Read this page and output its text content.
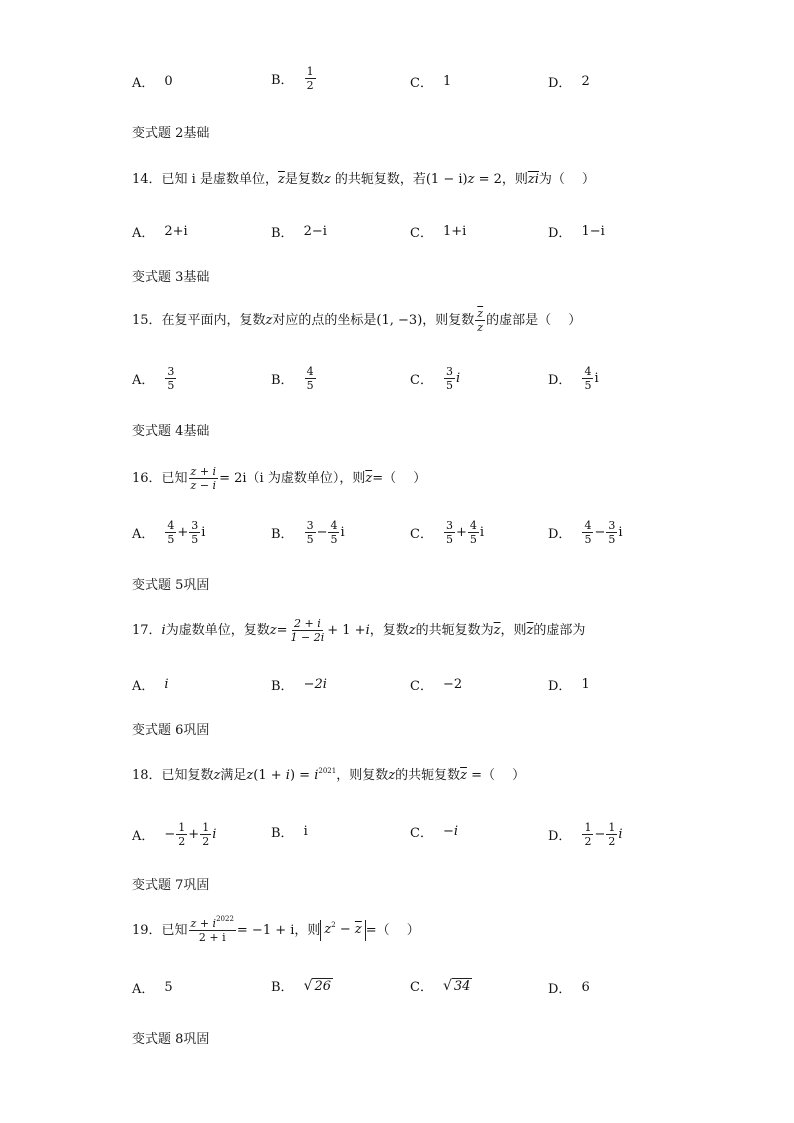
A． 0	B．
1
2	C． 1	D． 2
变式题 2基础
14．已知 i 是虚数单位，$\overline{z}$是复数z 的共轭复数，若(1 − i)z = 2，则$\overline{zi}$为（　 ）
A． 2+i	B． 2−i	C． 1+i	D． 1−i
变式题 3基础
15．在复平面内，复数 z 对应的点的坐标是 (1, −3) ，则复数 $\overline{z}$
z 的虚部是（　 ）
A．
3
5	B．
4
5	C．
3
5 i	D．
4
5 i
变式题 4基础
16．已知 $\frac{z + i}{z - i} = 2i(i$ 为虚数单位），则 $\overline{z}$ =（　 ）
A．
4
$5 + \frac{3}{5}$ i	B．
3
$5 - \frac{4}{5}$ i	C．
3
$5 + \frac{4}{5}$ i	D．
4
$5 - \frac{3}{5}$ i
变式题 5巩固
17． i 为虚数单位，复数 $z = \frac{2 + i}{1 - 2i} + 1 + i$ ，复数 z 的共轭复数为 $\overline{z}$ ，则 $\overline{z}$ 的虚部为
A． i	B． −2i	C． −2	D． 1
变式题 6巩固
18．已知复数z满足$z(1 + i) = i^{2021}$，则复数z的共轭复数$\overline{z}$ =（　 ）
A． − $\frac{1}{2} + \frac{1}{2}$ i	B． i	C． −i	D．
1
$2 - \frac{1}{2}$ i
变式题 7巩固
19．已知 $\frac{z + i^{2022}}{2 + i} = -1 + i$，则 $z^2 - \overline{z}$ =（　 ）
A． 5	B． √ 26	C． √ 34	D． 6
变式题 8巩固
